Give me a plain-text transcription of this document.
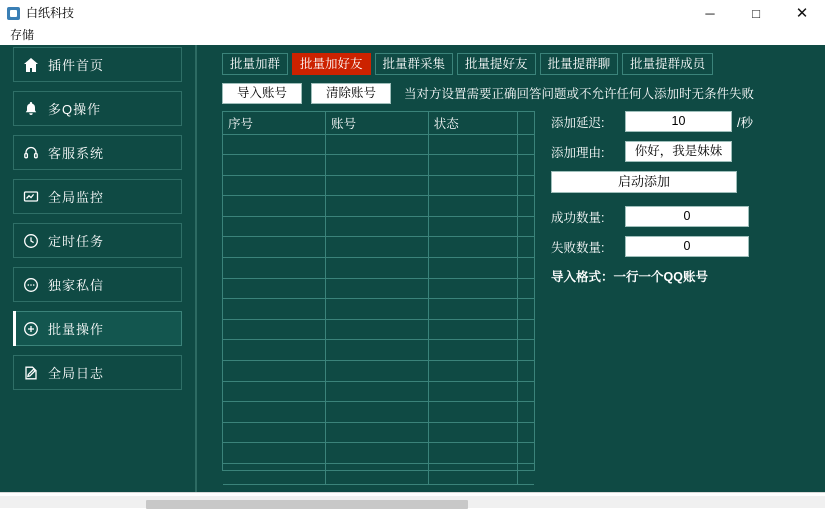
白纸科技	─	□	✕
存储
插件首页
多Q操作
客服系统
全局监控
定时任务
独家私信
批量操作
全局日志
批量加群	批量加好友	批量群采集	批量提好友	批量提群聊	批量提群成员
导入账号	清除账号	当对方设置需要正确回答问题或不允许任何人添加时无条件失败
序号	账号	状态	

				添加延迟:	10	/秒
添加理由:	你好，我是妹妹
启动添加
成功数量:	0
失败数量:	0
导入格式：一行一个QQ账号
